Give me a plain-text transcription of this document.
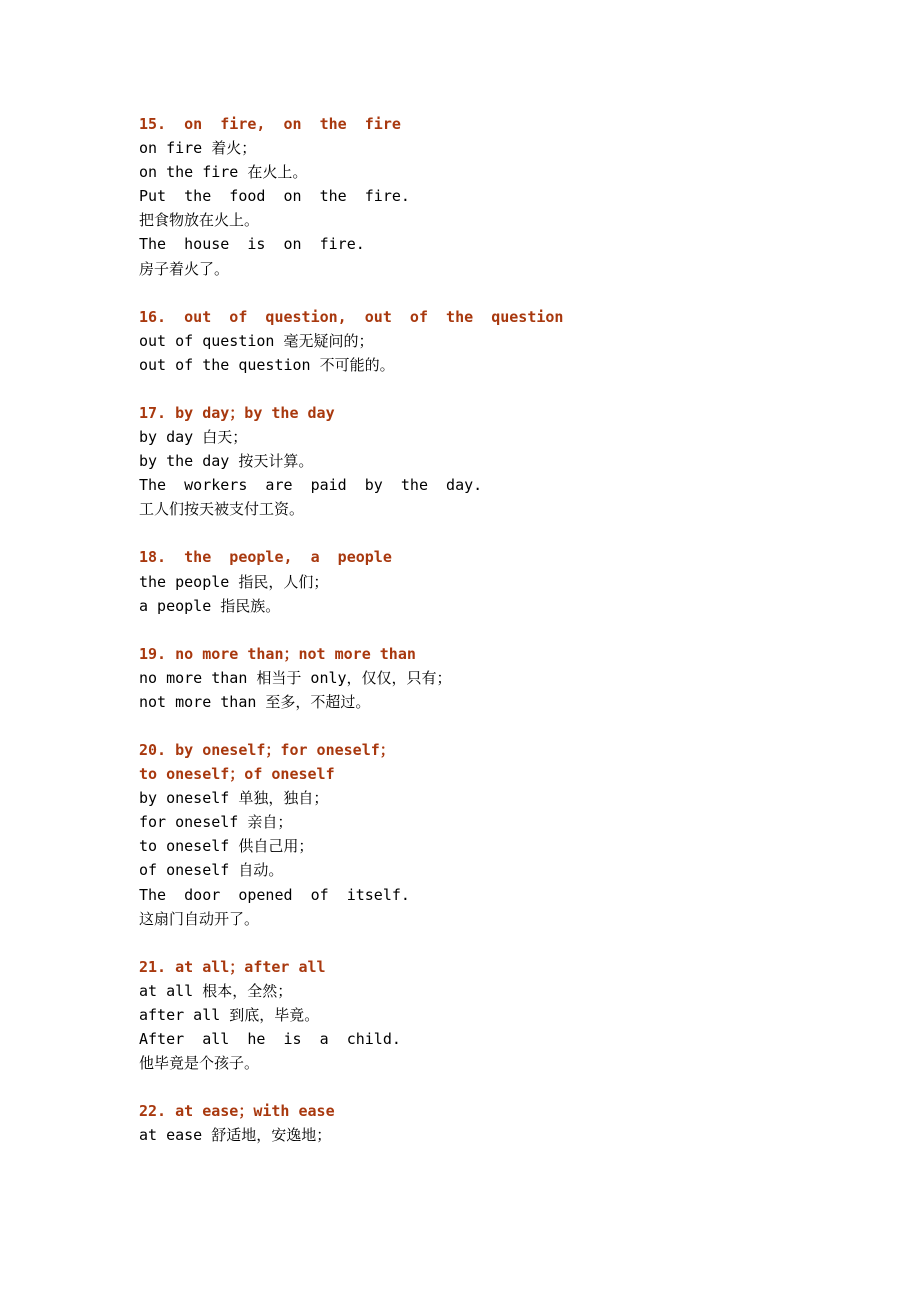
15.  on  fire,  on  the  fire
on fire 着火；
on the fire 在火上。
Put  the  food  on  the  fire.
把食物放在火上。
The  house  is  on  fire.
房子着火了。
16.  out  of  question,  out  of  the  question
out of question 毫无疑问的；
out of the question 不可能的。
17. by day；by the day
by day 白天；
by the day 按天计算。
The  workers  are  paid  by  the  day.
工人们按天被支付工资。
18.  the  people,  a  people
the people 指民，人们；
a people 指民族。
19. no more than；not more than
no more than 相当于 only，仅仅，只有；
not more than 至多，不超过。
20. by oneself；for oneself；
to oneself；of oneself
by oneself 单独，独自；
for oneself 亲自；
to oneself 供自己用；
of oneself 自动。
The  door  opened  of  itself.
这扇门自动开了。
21. at all；after all
at all 根本，全然；
after all 到底，毕竟。
After  all  he  is  a  child.
他毕竟是个孩子。
22. at ease；with ease
at ease 舒适地，安逸地；
